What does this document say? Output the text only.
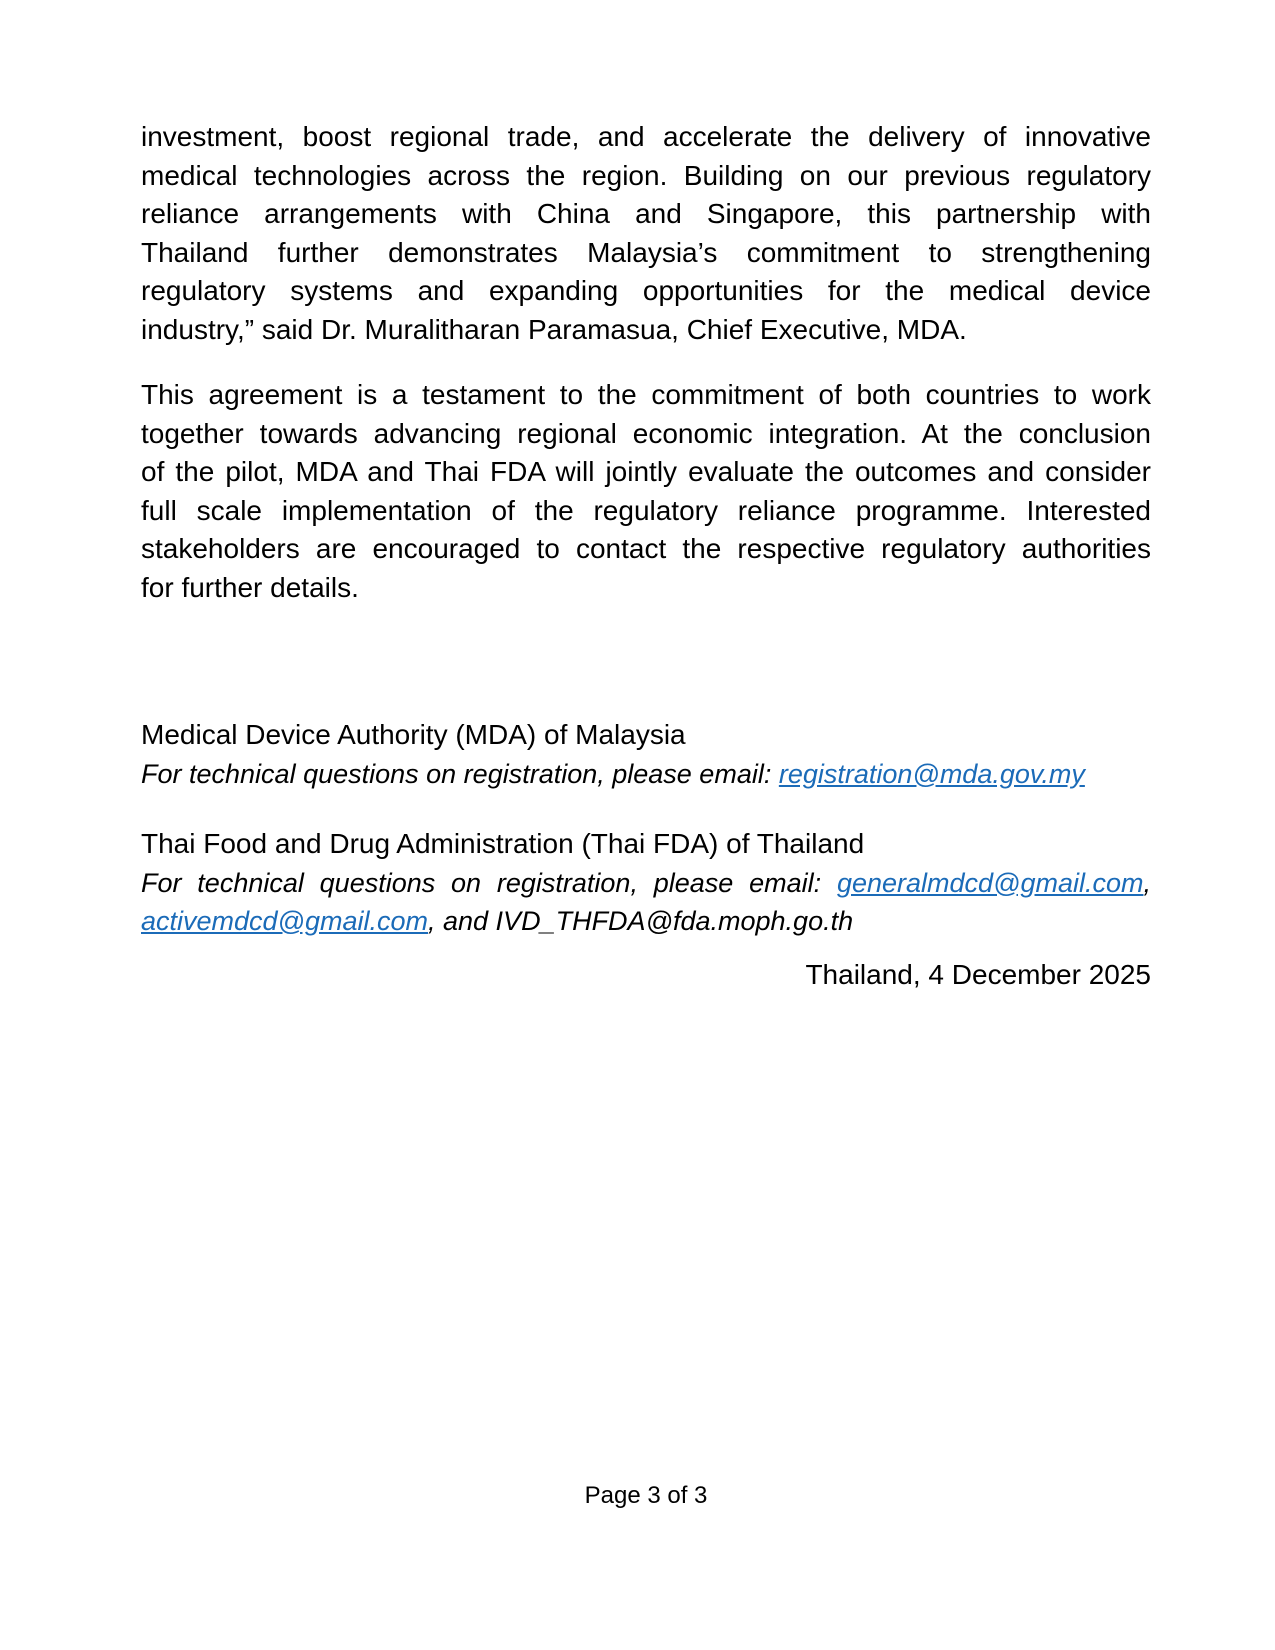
investment, boost regional trade, and accelerate the delivery of innovative
medical technologies across the region. Building on our previous regulatory
reliance arrangements with China and Singapore, this partnership with
Thailand further demonstrates Malaysia’s commitment to strengthening
regulatory systems and expanding opportunities for the medical device
industry,” said Dr. Muralitharan Paramasua, Chief Executive, MDA.
This agreement is a testament to the commitment of both countries to work
together towards advancing regional economic integration. At the conclusion
of the pilot, MDA and Thai FDA will jointly evaluate the outcomes and consider
full scale implementation of the regulatory reliance programme. Interested
stakeholders are encouraged to contact the respective regulatory authorities
for further details.
Medical Device Authority (MDA) of Malaysia
For technical questions on registration, please email: registration@mda.gov.my
Thai Food and Drug Administration (Thai FDA) of Thailand
For technical questions on registration, please email: generalmdcd@gmail.com,
activemdcd@gmail.com, and IVD_THFDA@fda.moph.go.th
Thailand, 4 December 2025
Page 3 of 3
